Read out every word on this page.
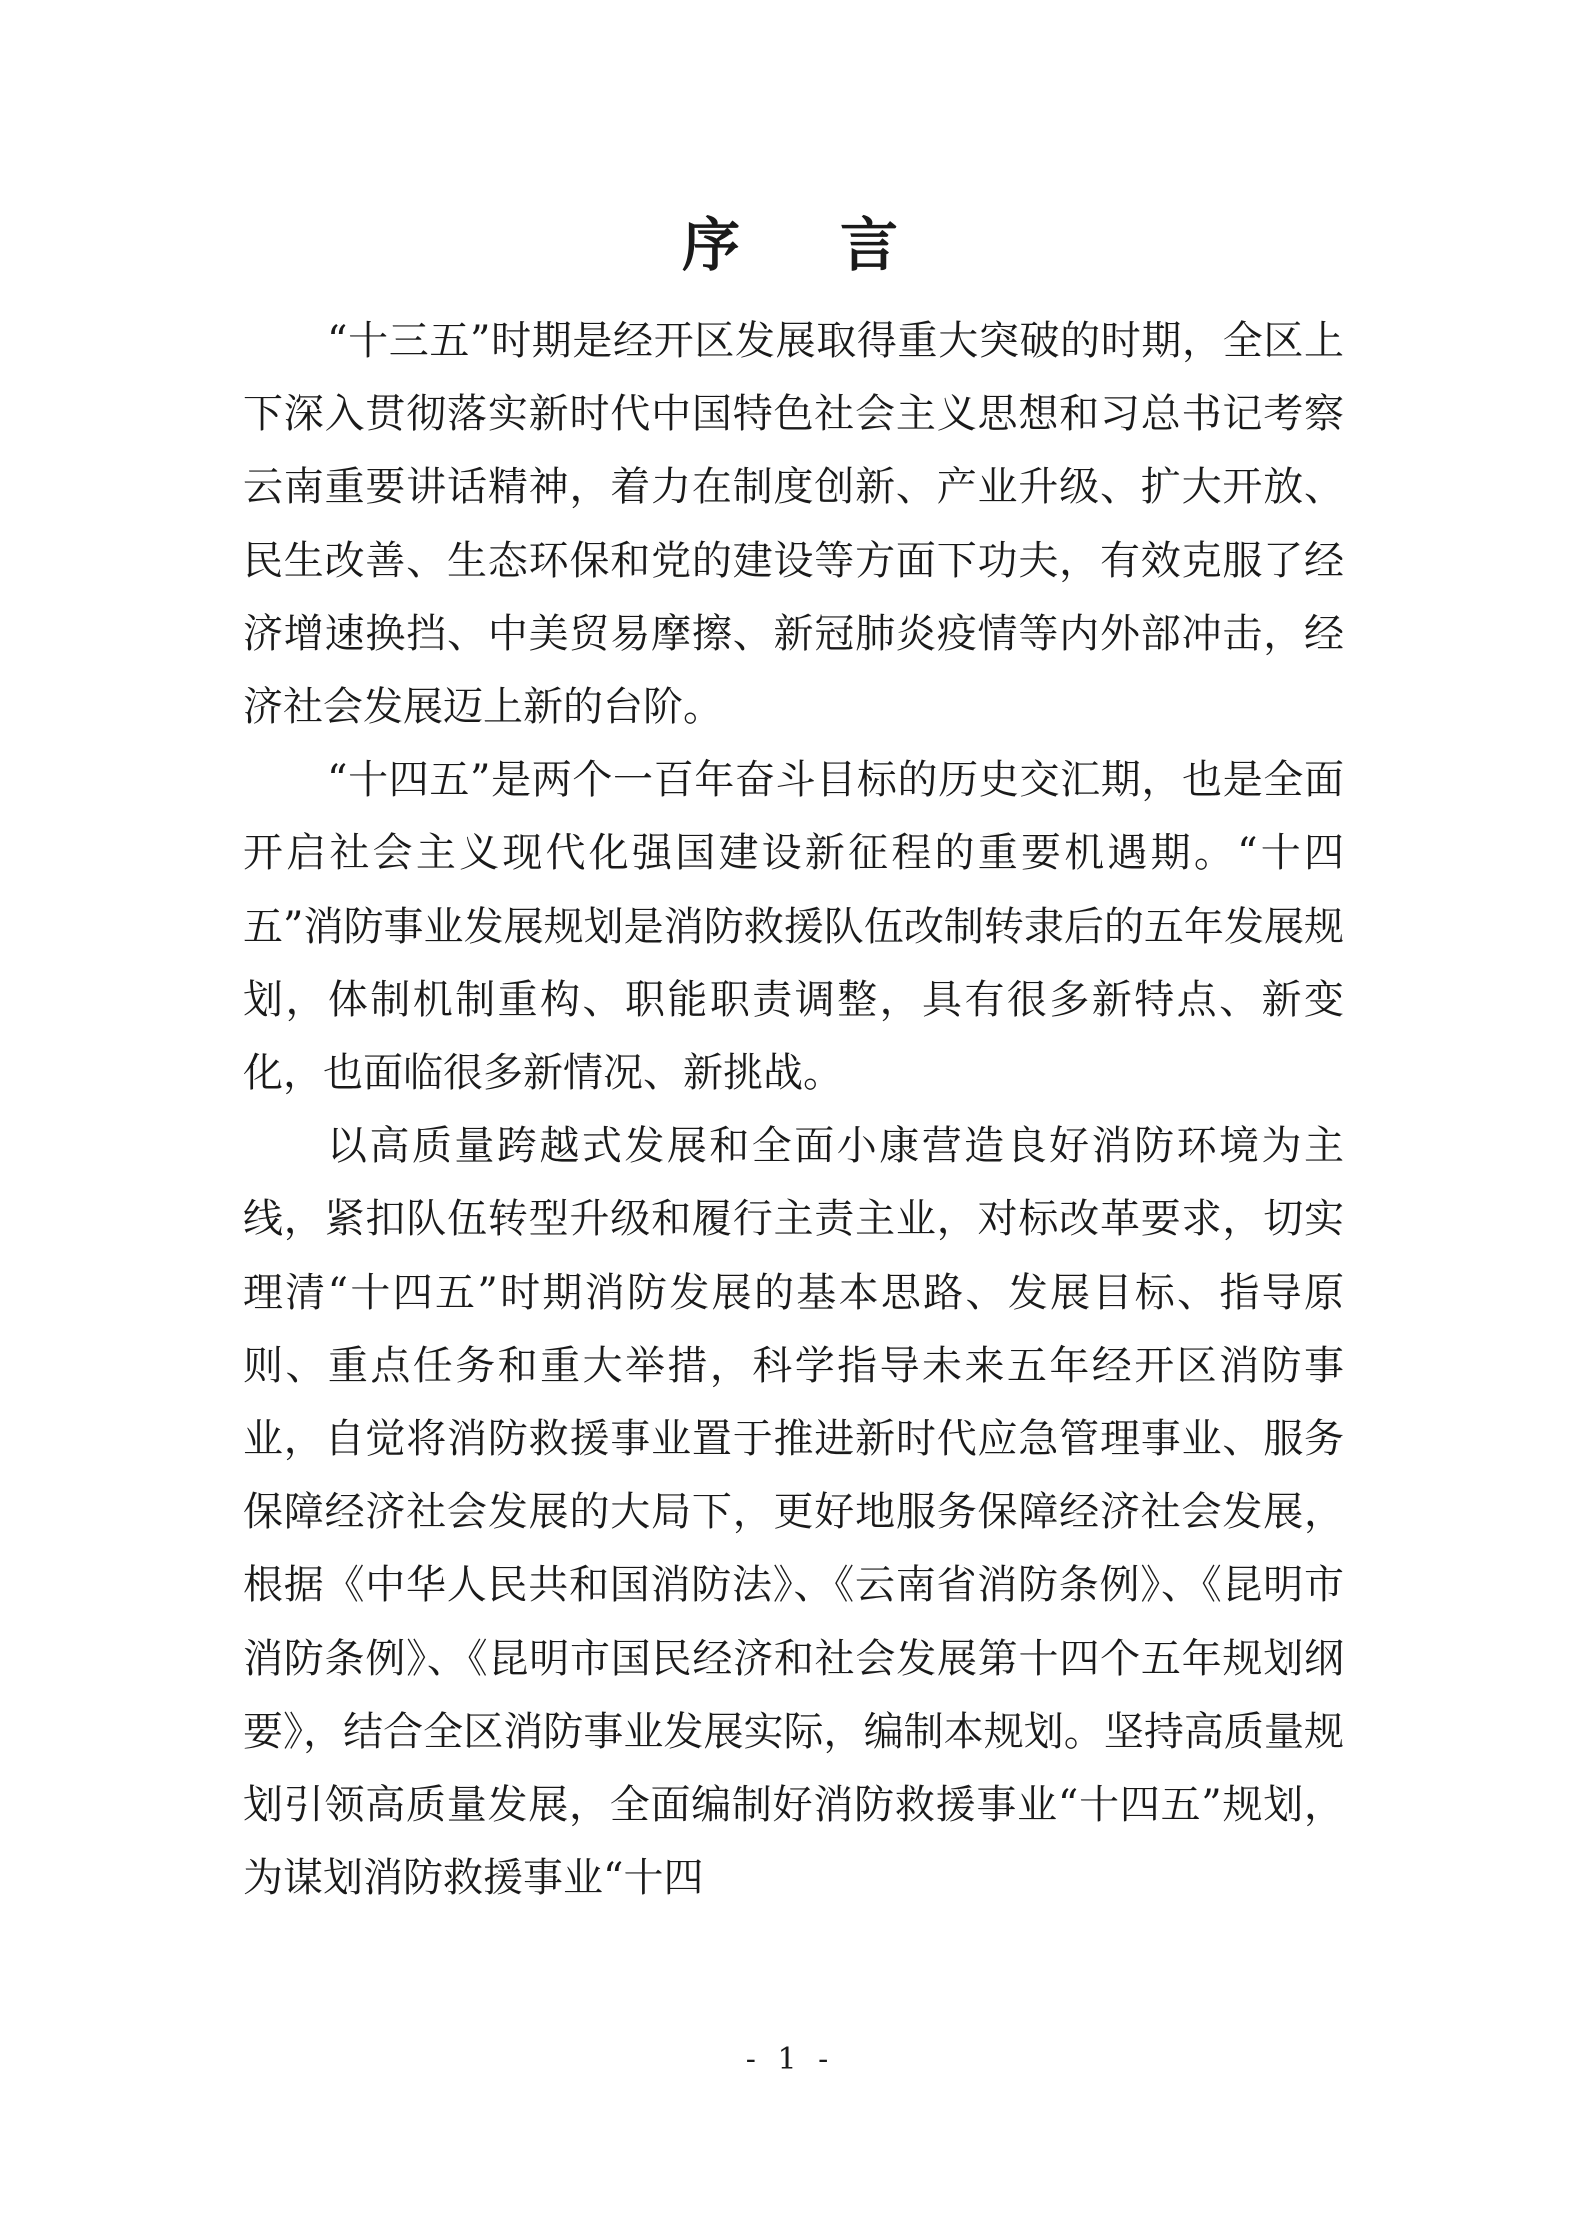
序言

“十三五”时期是经开区发展取得重大突破的时期，全区上下深入贯彻落实新时代中国特色社会主义思想和习总书记考察云南重要讲话精神，着力在制度创新、产业升级、扩大开放、民生改善、生态环保和党的建设等方面下功夫，有效克服了经济增速换挡、中美贸易摩擦、新冠肺炎疫情等内外部冲击，经济社会发展迈上新的台阶。

“十四五”是两个一百年奋斗目标的历史交汇期，也是全面开启社会主义现代化强国建设新征程的重要机遇期。“十四五”消防事业发展规划是消防救援队伍改制转隶后的五年发展规划，体制机制重构、职能职责调整，具有很多新特点、新变化，也面临很多新情况、新挑战。

以高质量跨越式发展和全面小康营造良好消防环境为主线，紧扣队伍转型升级和履行主责主业，对标改革要求，切实理清“十四五”时期消防发展的基本思路、发展目标、指导原则、重点任务和重大举措，科学指导未来五年经开区消防事业，自觉将消防救援事业置于推进新时代应急管理事业、服务保障经济社会发展的大局下，更好地服务保障经济社会发展，根据《中华人民共和国消防法》、《云南省消防条例》、《昆明市消防条例》、《昆明市国民经济和社会发展第十四个五年规划纲要》，结合全区消防事业发展实际，编制本规划。坚持高质量规划引领高质量发展，全面编制好消防救援事业“十四五”规划，为谋划消防救援事业“十四

- 1 -
